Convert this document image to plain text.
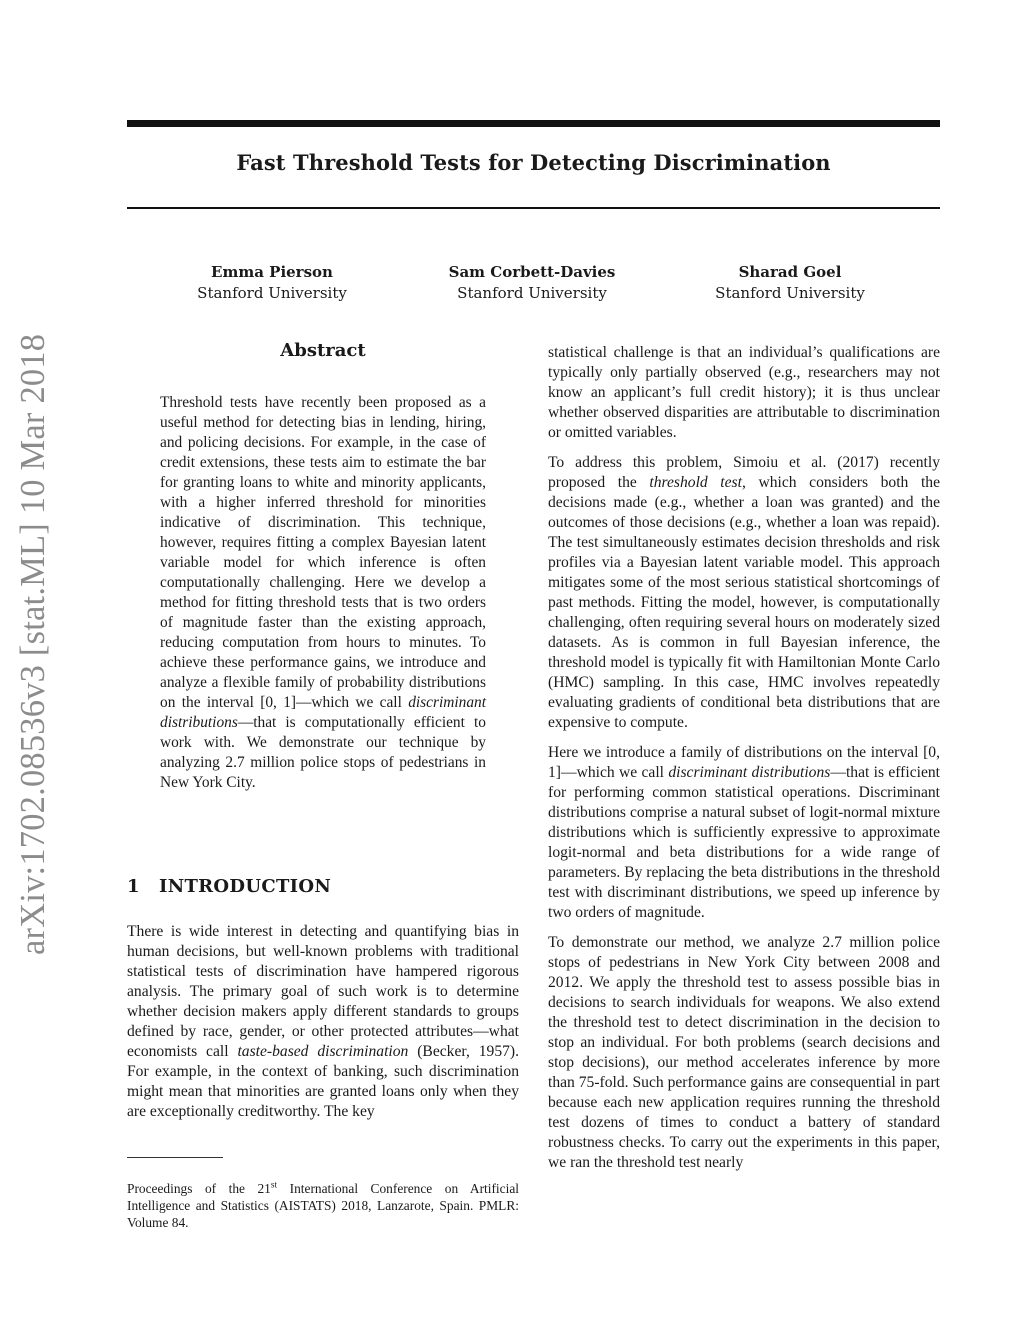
Fast Threshold Tests for Detecting Discrimination
Emma Pierson
Stanford University
Sam Corbett-Davies
Stanford University
Sharad Goel
Stanford University
arXiv:1702.08536v3 [stat.ML] 10 Mar 2018	Abstract

Threshold tests have recently been proposed as a useful method for detecting bias in lending, hiring, and policing decisions. For example, in the case of credit extensions, these tests aim to estimate the bar for granting loans to white and minority applicants, with a higher inferred threshold for minorities indicative of discrimination. This technique, however, requires fitting a complex Bayesian latent variable model for which inference is often computationally challenging. Here we develop a method for fitting threshold tests that is two orders of magnitude faster than the existing approach, reducing computation from hours to minutes. To achieve these performance gains, we introduce and analyze a flexible family of probability distributions on the interval [0, 1]—which we call discriminant distributions—that is computationally efficient to work with. We demonstrate our technique by analyzing 2.7 million police stops of pedestrians in New York City.

1 INTRODUCTION

There is wide interest in detecting and quantifying bias in human decisions, but well-known problems with traditional statistical tests of discrimination have hampered rigorous analysis. The primary goal of such work is to determine whether decision makers apply different standards to groups defined by race, gender, or other protected attributes—what economists call taste-based discrimination (Becker, 1957). For example, in the context of banking, such discrimination might mean that minorities are granted loans only when they are exceptionally creditworthy. The key

Proceedings of the 21st International Conference on Artificial Intelligence and Statistics (AISTATS) 2018, Lanzarote, Spain. PMLR: Volume 84.

statistical challenge is that an individual’s qualifications are typically only partially observed (e.g., researchers may not know an applicant’s full credit history); it is thus unclear whether observed disparities are attributable to discrimination or omitted variables.

To address this problem, Simoiu et al. (2017) recently proposed the threshold test, which considers both the decisions made (e.g., whether a loan was granted) and the outcomes of those decisions (e.g., whether a loan was repaid). The test simultaneously estimates decision thresholds and risk profiles via a Bayesian latent variable model. This approach mitigates some of the most serious statistical shortcomings of past methods. Fitting the model, however, is computationally challenging, often requiring several hours on moderately sized datasets. As is common in full Bayesian inference, the threshold model is typically fit with Hamiltonian Monte Carlo (HMC) sampling. In this case, HMC involves repeatedly evaluating gradients of conditional beta distributions that are expensive to compute.

Here we introduce a family of distributions on the interval [0, 1]—which we call discriminant distributions—that is efficient for performing common statistical operations. Discriminant distributions comprise a natural subset of logit-normal mixture distributions which is sufficiently expressive to approximate logit-normal and beta distributions for a wide range of parameters. By replacing the beta distributions in the threshold test with discriminant distributions, we speed up inference by two orders of magnitude.

To demonstrate our method, we analyze 2.7 million police stops of pedestrians in New York City between 2008 and 2012. We apply the threshold test to assess possible bias in decisions to search individuals for weapons. We also extend the threshold test to detect discrimination in the decision to stop an individual. For both problems (search decisions and stop decisions), our method accelerates inference by more than 75-fold. Such performance gains are consequential in part because each new application requires running the threshold test dozens of times to conduct a battery of standard robustness checks. To carry out the experiments in this paper, we ran the threshold test nearly
